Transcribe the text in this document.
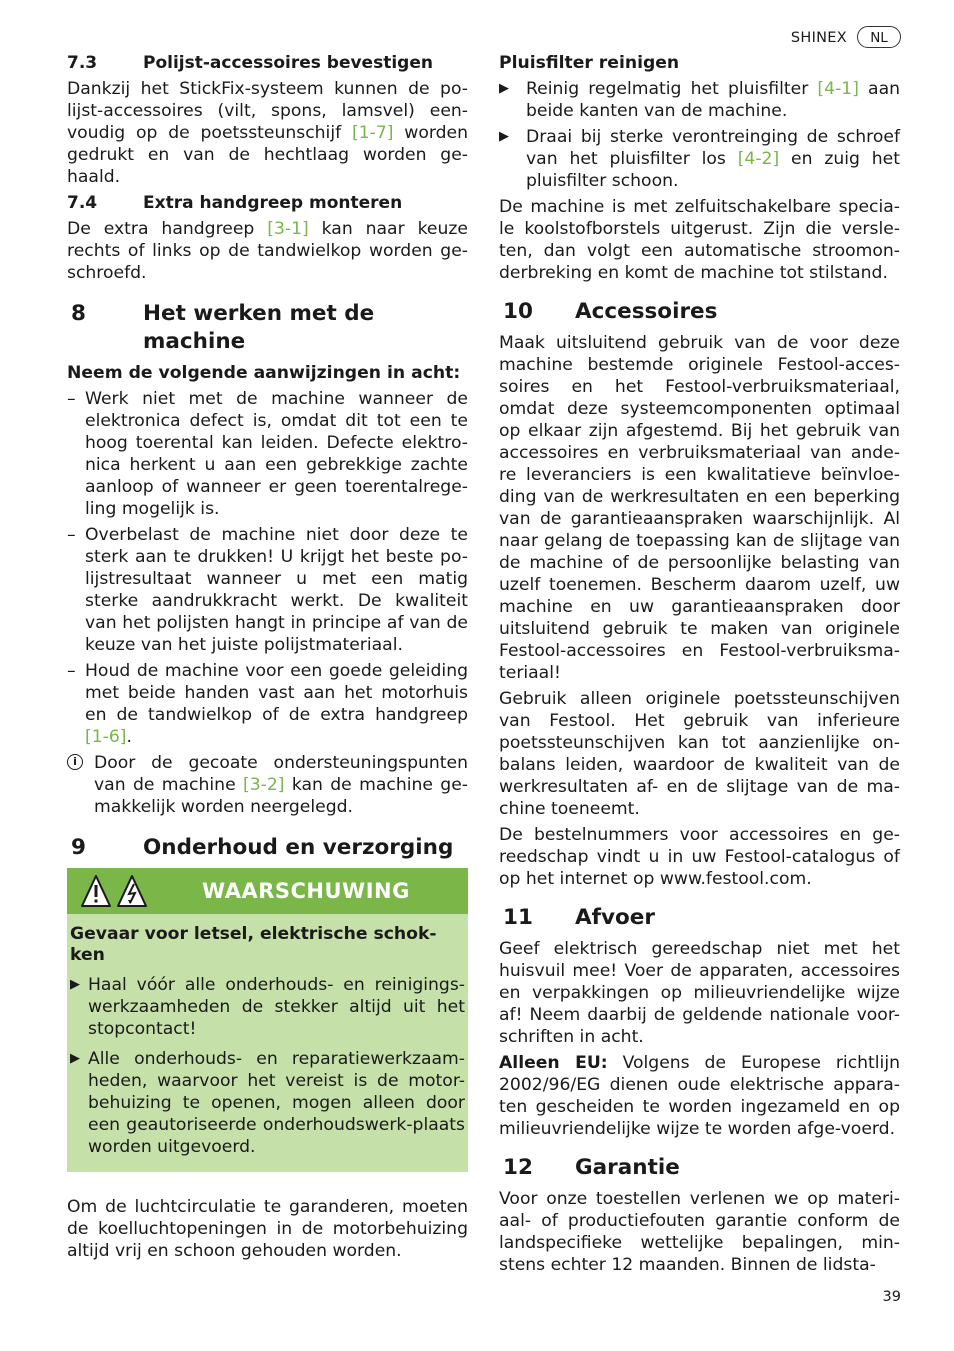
SHINEX	NL
7.3	Polijst-accessoires bevestigen

Dankzij het StickFix-systeem kunnen de po-lijst-accessoires (vilt, spons, lamsvel) een-voudig op de poetssteunschijf [1-7] worden gedrukt en van de hechtlaag worden ge-haald.

7.4	Extra handgreep monteren

De extra handgreep [3-1] kan naar keuze rechts of links op de tandwielkop worden ge-schroefd.

8	Het werken met de machine
Neem de volgende aanwijzingen in acht:
– Werk niet met de machine wanneer de elektronica defect is, omdat dit tot een te hoog toerental kan leiden. Defecte elektro-nica herkent u aan een gebrekkige zachte aanloop of wanneer er geen toerentalrege-ling mogelijk is.
– Overbelast de machine niet door deze te sterk aan te drukken! U krijgt het beste po-lijstresultaat wanneer u met een matig sterke aandrukkracht werkt. De kwaliteit van het polijsten hangt in principe af van de keuze van het juiste polijstmateriaal.
– Houd de machine voor een goede geleiding met beide handen vast aan het motorhuis en de tandwielkop of de extra handgreep [1-6].
i Door de gecoate ondersteuningspunten van de machine [3-2] kan de machine ge-makkelijk worden neergelegd.
9	Onderhoud en verzorging
WAARSCHUWING
Gevaar voor letsel, elektrische schok-ken
▶ Haal vóór alle onderhouds- en reinigings-werkzaamheden de stekker altijd uit het stopcontact!
▶ Alle onderhouds- en reparatiewerkzaam-heden, waarvoor het vereist is de motor-behuizing te openen, mogen alleen door een geautoriseerde onderhoudswerk-plaats worden uitgevoerd.

Om de luchtcirculatie te garanderen, moeten de koelluchtopeningen in de motorbehuizing altijd vrij en schoon gehouden worden.

Pluisfilter reinigen
▶ Reinig regelmatig het pluisfilter [4-1] aan beide kanten van de machine.
▶ Draai bij sterke verontreinging de schroef van het pluisfilter los [4-2] en zuig het pluisfilter schoon.

De machine is met zelfuitschakelbare specia-le koolstofborstels uitgerust. Zijn die versle-ten, dan volgt een automatische stroomon-derbreking en komt de machine tot stilstand.

10	Accessoires

Maak uitsluitend gebruik van de voor deze machine bestemde originele Festool-acces-soires en het Festool-verbruiksmateriaal, omdat deze systeemcomponenten optimaal op elkaar zijn afgestemd. Bij het gebruik van accessoires en verbruiksmateriaal van ande-re leveranciers is een kwalitatieve beïnvloe-ding van de werkresultaten en een beperking van de garantieaanspraken waarschijnlijk. Al naar gelang de toepassing kan de slijtage van de machine of de persoonlijke belasting van uzelf toenemen. Bescherm daarom uzelf, uw machine en uw garantieaanspraken door uitsluitend gebruik te maken van originele Festool-accessoires en Festool-verbruiksma-teriaal!

Gebruik alleen originele poetssteunschijven van Festool. Het gebruik van inferieure poetssteunschijven kan tot aanzienlijke on-balans leiden, waardoor de kwaliteit van de werkresultaten af- en de slijtage van de ma-chine toeneemt.

De bestelnummers voor accessoires en ge-reedschap vindt u in uw Festool-catalogus of op het internet op www.festool.com.

11	Afvoer

Geef elektrisch gereedschap niet met het huisvuil mee! Voer de apparaten, accessoires en verpakkingen op milieuvriendelijke wijze af! Neem daarbij de geldende nationale voor-schriften in acht.

Alleen EU: Volgens de Europese richtlijn 2002/96/EG dienen oude elektrische appara-ten gescheiden te worden ingezameld en op milieuvriendelijke wijze te worden afge-voerd.

12	Garantie

Voor onze toestellen verlenen we op materi-aal- of productiefouten garantie conform de landspecifieke wettelijke bepalingen, min-stens echter 12 maanden. Binnen de lidsta-

39
